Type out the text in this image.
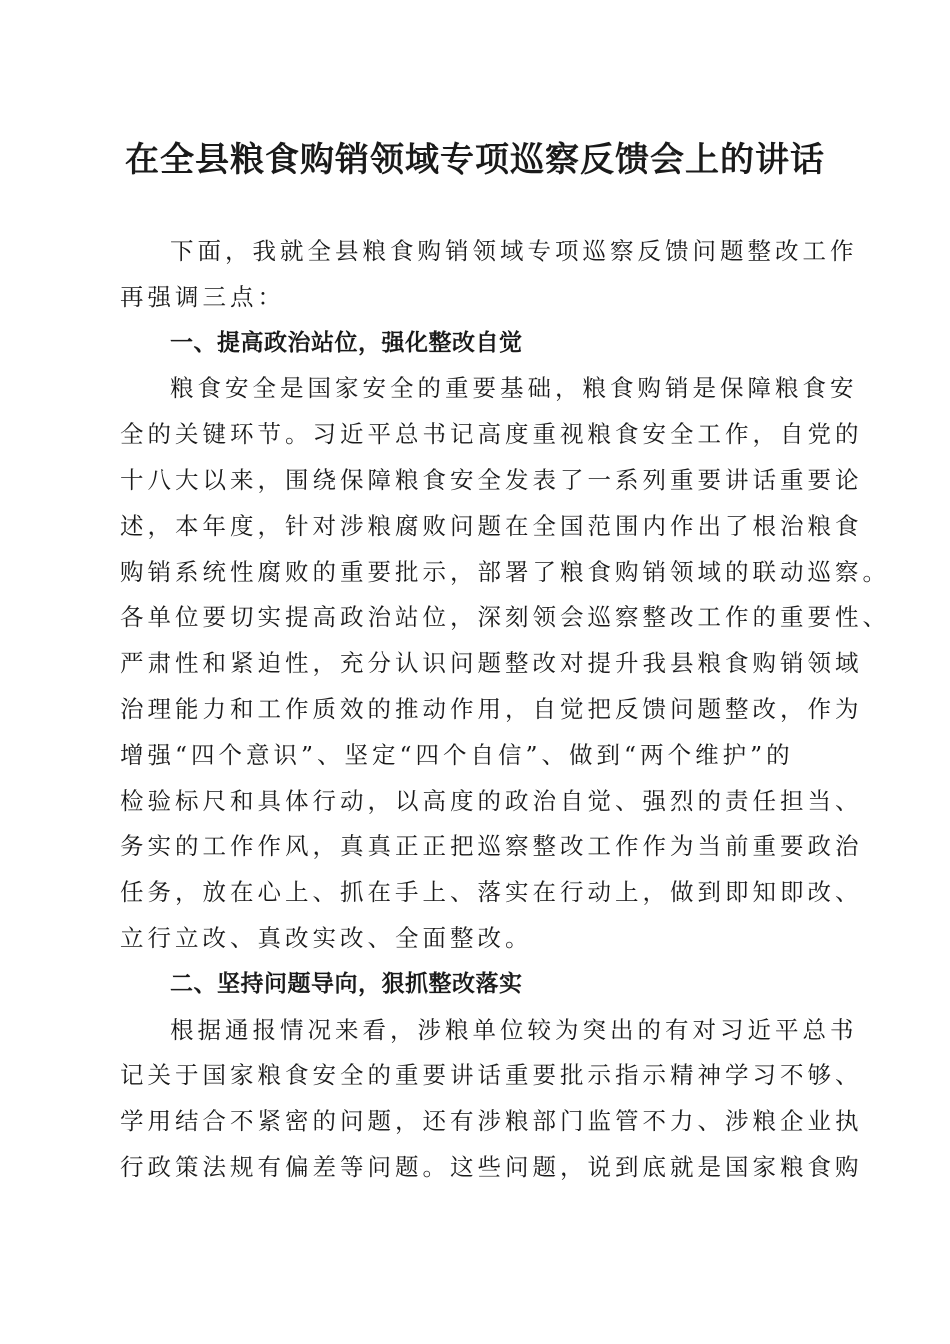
在全县粮食购销领域专项巡察反馈会上的讲话
下面，我就全县粮食购销领域专项巡察反馈问题整改工作
再强调三点：
一、提高政治站位，强化整改自觉
粮食安全是国家安全的重要基础，粮食购销是保障粮食安
全的关键环节。习近平总书记高度重视粮食安全工作，自党的
十八大以来，围绕保障粮食安全发表了一系列重要讲话重要论
述，本年度，针对涉粮腐败问题在全国范围内作出了根治粮食
购销系统性腐败的重要批示，部署了粮食购销领域的联动巡察。
各单位要切实提高政治站位，深刻领会巡察整改工作的重要性、
严肃性和紧迫性，充分认识问题整改对提升我县粮食购销领域
治理能力和工作质效的推动作用，自觉把反馈问题整改，作为
增强“四个意识”、坚定“四个自信”、做到“两个维护”的
检验标尺和具体行动，以高度的政治自觉、强烈的责任担当、
务实的工作作风，真真正正把巡察整改工作作为当前重要政治
任务，放在心上、抓在手上、落实在行动上，做到即知即改、
立行立改、真改实改、全面整改。
二、坚持问题导向，狠抓整改落实
根据通报情况来看，涉粮单位较为突出的有对习近平总书
记关于国家粮食安全的重要讲话重要批示指示精神学习不够、
学用结合不紧密的问题，还有涉粮部门监管不力、涉粮企业执
行政策法规有偏差等问题。这些问题，说到底就是国家粮食购
